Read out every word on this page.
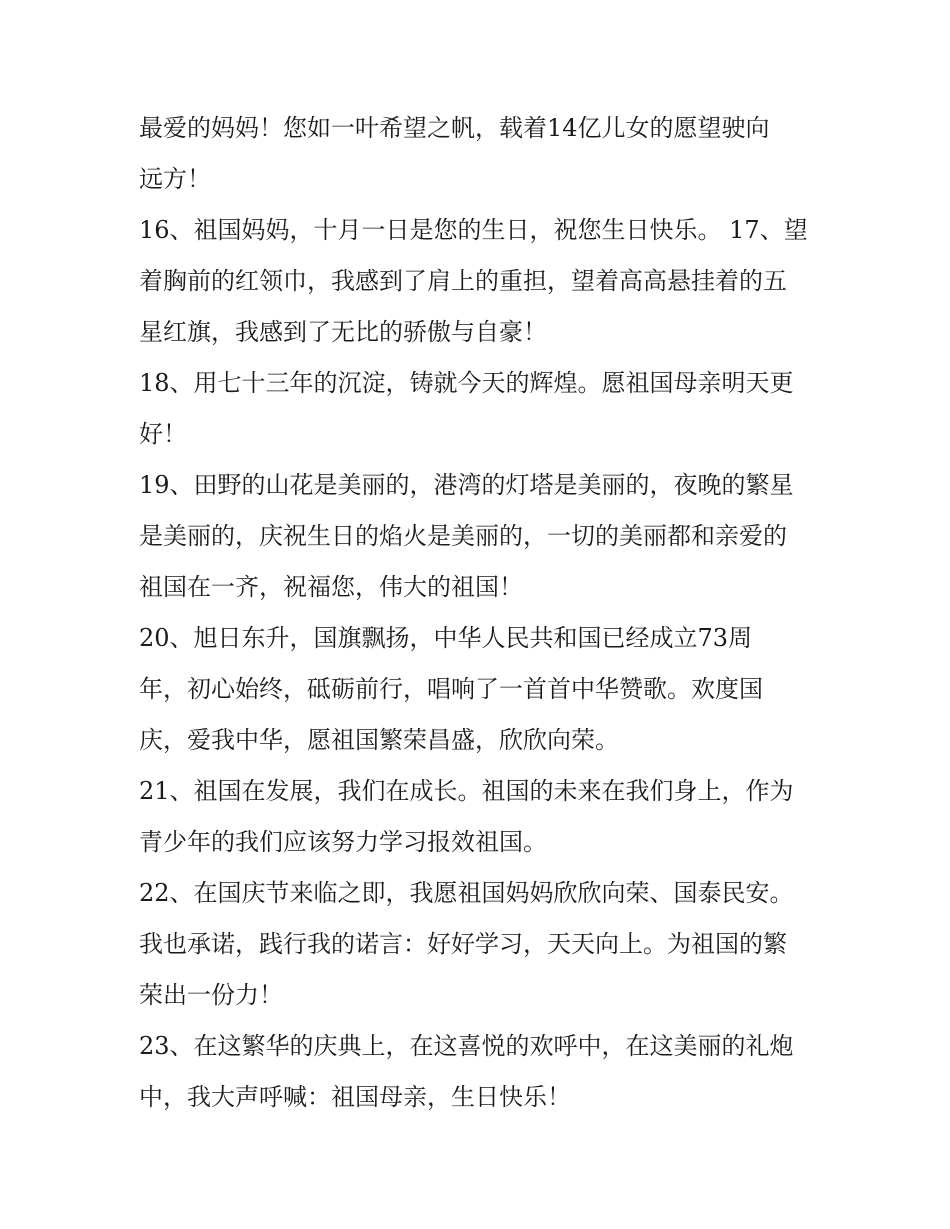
最爱的妈妈！您如一叶希望之帆，载着14亿儿女的愿望驶向
远方！
16、祖国妈妈，十月一日是您的生日，祝您生日快乐。 17、望
着胸前的红领巾，我感到了肩上的重担，望着高高悬挂着的五
星红旗，我感到了无比的骄傲与自豪！
18、用七十三年的沉淀，铸就今天的辉煌。愿祖国母亲明天更
好！
19、田野的山花是美丽的，港湾的灯塔是美丽的，夜晚的繁星
是美丽的，庆祝生日的焰火是美丽的，一切的美丽都和亲爱的
祖国在一齐，祝福您，伟大的祖国！
20、旭日东升，国旗飘扬，中华人民共和国已经成立73周
年，初心始终，砥砺前行，唱响了一首首中华赞歌。欢度国
庆，爱我中华，愿祖国繁荣昌盛，欣欣向荣。
21、祖国在发展，我们在成长。祖国的未来在我们身上，作为
青少年的我们应该努力学习报效祖国。
22、在国庆节来临之即，我愿祖国妈妈欣欣向荣、国泰民安。
我也承诺，践行我的诺言：好好学习，天天向上。为祖国的繁
荣出一份力！
23、在这繁华的庆典上，在这喜悦的欢呼中，在这美丽的礼炮
中，我大声呼喊：祖国母亲，生日快乐！
